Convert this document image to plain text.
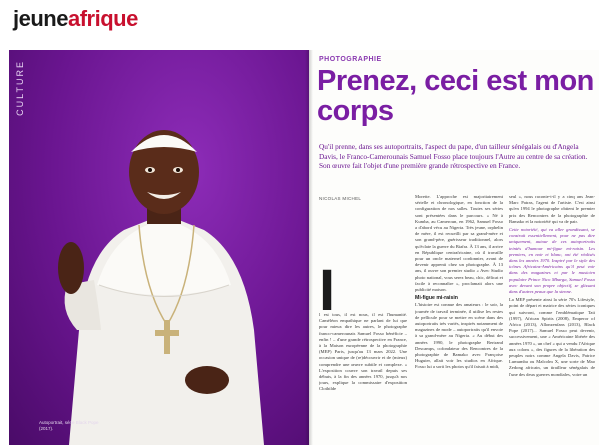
jeuneafrique
CULTURE
Autoportrait, série Black Pope (2017).
PHOTOGRAPHIE
Prenez, ceci est mon corps
Qu'il prenne, dans ses autoportraits, l'aspect du pape, d'un tailleur sénégalais ou d'Angela Davis, le Franco-Camerounais Samuel Fosso place toujours l'Autre au centre de sa création. Son œuvre fait l'objet d'une première grande rétrospective en France.
NICOLAS MICHEL
I
l est tous, il est nous, il est l'humanité. Caméléon empathique ne parlant de lui que pour mieux dire les autres, le photographe franco-camerounais Samuel Fosso bénéficie – enfin ! – d'une grande rétrospective en France, à la Maison européenne de la photographie (MEP) Paris, jusqu'au 13 mars 2022. Une occasion unique de (re)découvrir et de (mieux) comprendre une œuvre subtile et complexe. « L'exposition couvre son travail depuis ses débuts, à la fin des années 1970, jusqu'à nos jours, explique la commissaire d'exposition Clothilde
Morette. L'approche est majoritairement sérielle et chronologique, en fonction de la configuration de nos salles. Toutes ses séries sont présentées dans le parcours. » Né à Kumba, au Cameroun, en 1962, Samuel Fosso a d'abord vécu au Nigeria. Très jeune, orphelin de mère, il est recueilli par sa grand-mère et son grand-père, guérisseur traditionnel, alors qu'éclate la guerre du Biafra. À 13 ans, il arrive en République centrafricaine, où il travaille pour un oncle maternel cordonnier, avant de devenir apprenti chez un photographe. À 13 ans, il ouvre son premier studio « Avec Studio photo national, vous serez beau, chic, délicat et facile à reconnaître », proclamait alors une publicité maison.
Mi-figue mi-raisin
L'histoire est connue des amateurs : le soir, la journée de travail terminée, il utilise les restes de pellicule pour se mettre en scène dans des autoportraits très variés, inspirés notamment de magazines de mode – autoportraits qu'il envoie à sa grand-mère au Nigeria. « Au début des années 1990, le photographe Bertrand Descamps, cofondateur des Rencontres de la photographie de Bamako avec Françoise Huguier, allait voir les studios en Afrique. Fosso lui a sorti les photos qu'il faisait à midi,
seul », nous raconte-t-il y a cinq ans Jean-Marc Patras, l'agent de l'artiste. C'est ainsi qu'en 1994 le photographe obtient le premier prix des Rencontres de la photographie de Bamako et la notoriété qui va de pair.
Cette notoriété, qui va aller grandissant, se construit essentiellement, pour ne pas dire uniquement, autour de ces autoportraits teintés d'humour mi-figue mi-raisin. Les premiers, en noir et blanc, ont été réalisés dans les années 1970. Inspiré par le style des icônes Africains-Américains qu'il peut voir dans des magazines et par le musicien populaire Prince Nico Mbarga, Samuel Fosso avec devant son propre objectif, se glissant dans d'autres peaux que la sienne.
La MEP présente ainsi la série 70's Lifestyle, point de départ et matrice des séries iconiques qui suivront, comme l'emblématique Tati (1997), African Spirits (2008), Emperor of Africa (2013), Allonzenfans (2013), Black Pope (2017)... Samuel Fosso peut devenir, successivement, une « Américaine libérée des années 1970 », un chef « qui a vendu l'Afrique aux colons », des figures de la libération des peuples noirs comme Angela Davis, Patrice Lumumba ou Malcolm X, une sorte de Mao Zedong africain, un tirailleur sénégalais de l'une des deux guerres mondiales, voire un
